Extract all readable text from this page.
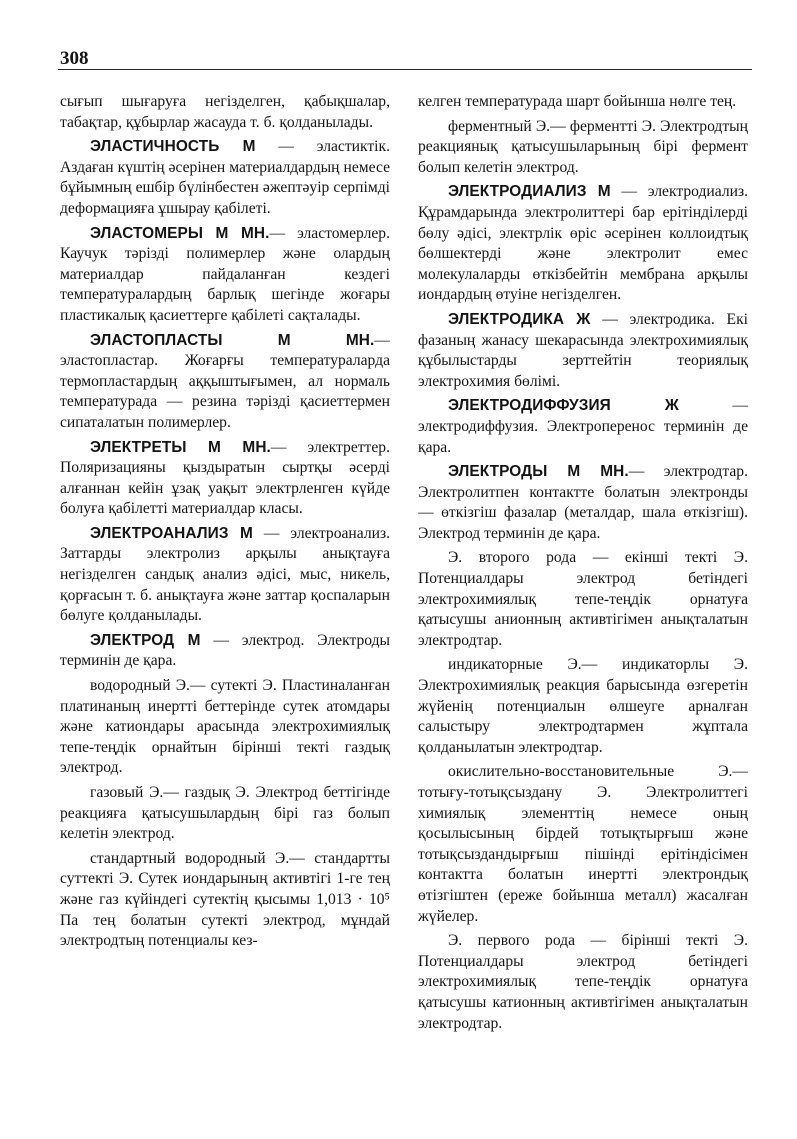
308

сығып шығаруға негізделген, қабықшалар, табақтар, құбырлар жасауда т. б. қолданылады.

ЭЛАСТИЧНОСТЬ М — эластиктік. Аздаған күштің әсерінен материалдардың немесе бұйымның ешбір бүлінбестен әжептәуір серпімді деформацияға ұшырау қабілеті.

ЭЛАСТОМЕРЫ М МН.— эластомерлер. Каучук тәрізді полимерлер және олардың материалдар пайдаланған кездегі температуралардың барлық шегінде жоғары пластикалық қасиеттерге қабілеті сақталады.

ЭЛАСТОПЛАСТЫ М МН.— эластопластар. Жоғарғы температураларда термопластардың аққыштығымен, ал нормаль температурада — резина тәрізді қасиеттермен сипаталатын полимерлер.

ЭЛЕКТРЕТЫ М МН.— электреттер. Поляризацияны қыздыратын сыртқы әсерді алғаннан кейін ұзақ уақыт электрленген күйде болуға қабілетті материалдар класы.

ЭЛЕКТРОАНАЛИЗ М — электроанализ. Заттарды электролиз арқылы анықтауға негізделген сандық анализ әдісі, мыс, никель, қорғасын т. б. анықтауға және заттар қоспаларын бөлуге қолданылады.

ЭЛЕКТРОД М — электрод. Электроды терминін де қара.

водородный Э.— сутекті Э. Пластиналанған платинаның инертті беттерінде сутек атомдары және катиондары арасында электрохимиялық тепе-теңдік орнайтын бірінші текті газдық электрод.

газовый Э.— газдық Э. Электрод беттігінде реакцияға қатысушылардың бірі газ болып келетін электрод.

стандартный водородный Э.— стандартты суттекті Э. Сутек иондарының активтігі 1-ге тең және газ күйіндегі сутектің қысымы 1,013 · 10⁵ Па тең болатын сутекті электрод, мұндай электродтың потенциалы кез-

келген температурада шарт бойынша нөлге тең.

ферментный Э.— ферментті Э. Электродтың реакциянық қатысушыларының бірі фермент болып келетін электрод.

ЭЛЕКТРОДИАЛИЗ М — электродиализ. Құрамдарында электролиттері бар ерітінділерді бөлу әдісі, электрлік өріс әсерінен коллоидтық бөлшектерді және электролит емес молекулаларды өткізбейтін мембрана арқылы иондардың өтуіне негізделген.

ЭЛЕКТРОДИКА Ж — электродика. Екі фазаның жанасу шекарасында электрохимиялық құбылыстарды зерттейтін теориялық электрохимия бөлімі.

ЭЛЕКТРОДИФФУЗИЯ Ж — электродиффузия. Электроперенос терминін де қара.

ЭЛЕКТРОДЫ М МН.— электродтар. Электролитпен контактте болатын электронды — өткізгіш фазалар (металдар, шала өткізгіш). Электрод терминін де қара.

Э. второго рода — екінші текті Э. Потенциалдары электрод бетіндегі электрохимиялық тепе-теңдік орнатуға қатысушы анионның активтігімен анықталатын электродтар.

индикаторные Э.— индикаторлы Э. Электрохимиялық реакция барысында өзгеретін жүйенің потенциалын өлшеуге арналған салыстыру электродтармен жұптала қолданылатын электродтар.

окислительно-восстановительные Э.— тотығу-тотықсыздану Э. Электролиттегі химиялық элементтің немесе оның қосылысының бірдей тотықтырғыш және тотықсыздандырғыш пішінді ерітіндісімен контактта болатын инертті электрондық өтізгіштен (ереже бойынша металл) жасалған жүйелер.

Э. первого рода — бірінші текті Э. Потенциалдары электрод бетіндегі электрохимиялық тепе-теңдік орнатуға қатысушы катионның активтігімен анықталатын электродтар.
